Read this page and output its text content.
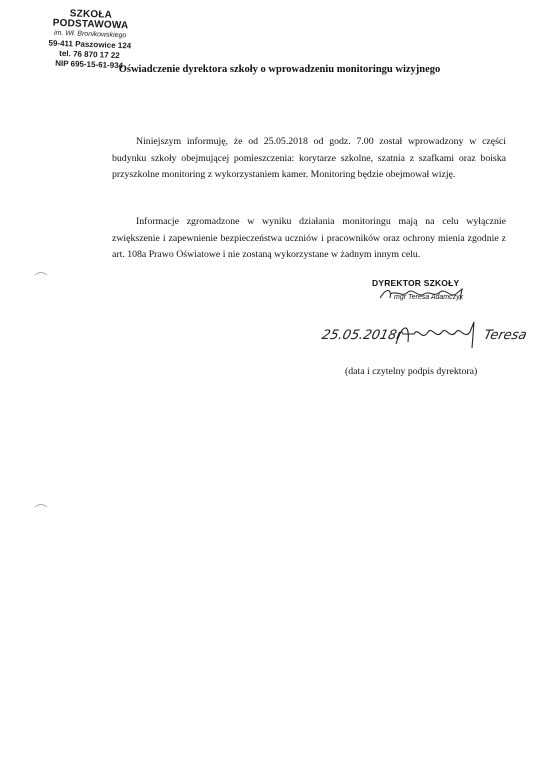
SZKOŁA PODSTAWOWA
im. Wł. Bronikowskiego
59-411 Paszowice 124
tel. 76 870 17 22
NIP 695-15-61-934
Oświadczenie dyrektora szkoły o wprowadzeniu monitoringu wizyjnego
Niniejszym informuję, że od 25.05.2018 od godz. 7.00 został wprowadzony w części budynku szkoły obejmującej pomieszczenia: korytarze szkolne, szatnia z szafkami oraz boiska przyszkolne monitoring z wykorzystaniem kamer. Monitoring będzie obejmował wizję.
Informacje zgromadzone w wyniku działania monitoringu mają na celu wyłącznie zwiększenie i zapewnienie bezpieczeństwa uczniów i pracowników oraz ochrony mienia zgodnie z art. 108a Prawo Oświatowe i nie zostaną wykorzystane w żadnym innym celu.
DYREKTOR SZKOŁY
mgr Teresa Adamczyk
25.05.2018r	Teresa
(data i czytelny podpis dyrektora)
